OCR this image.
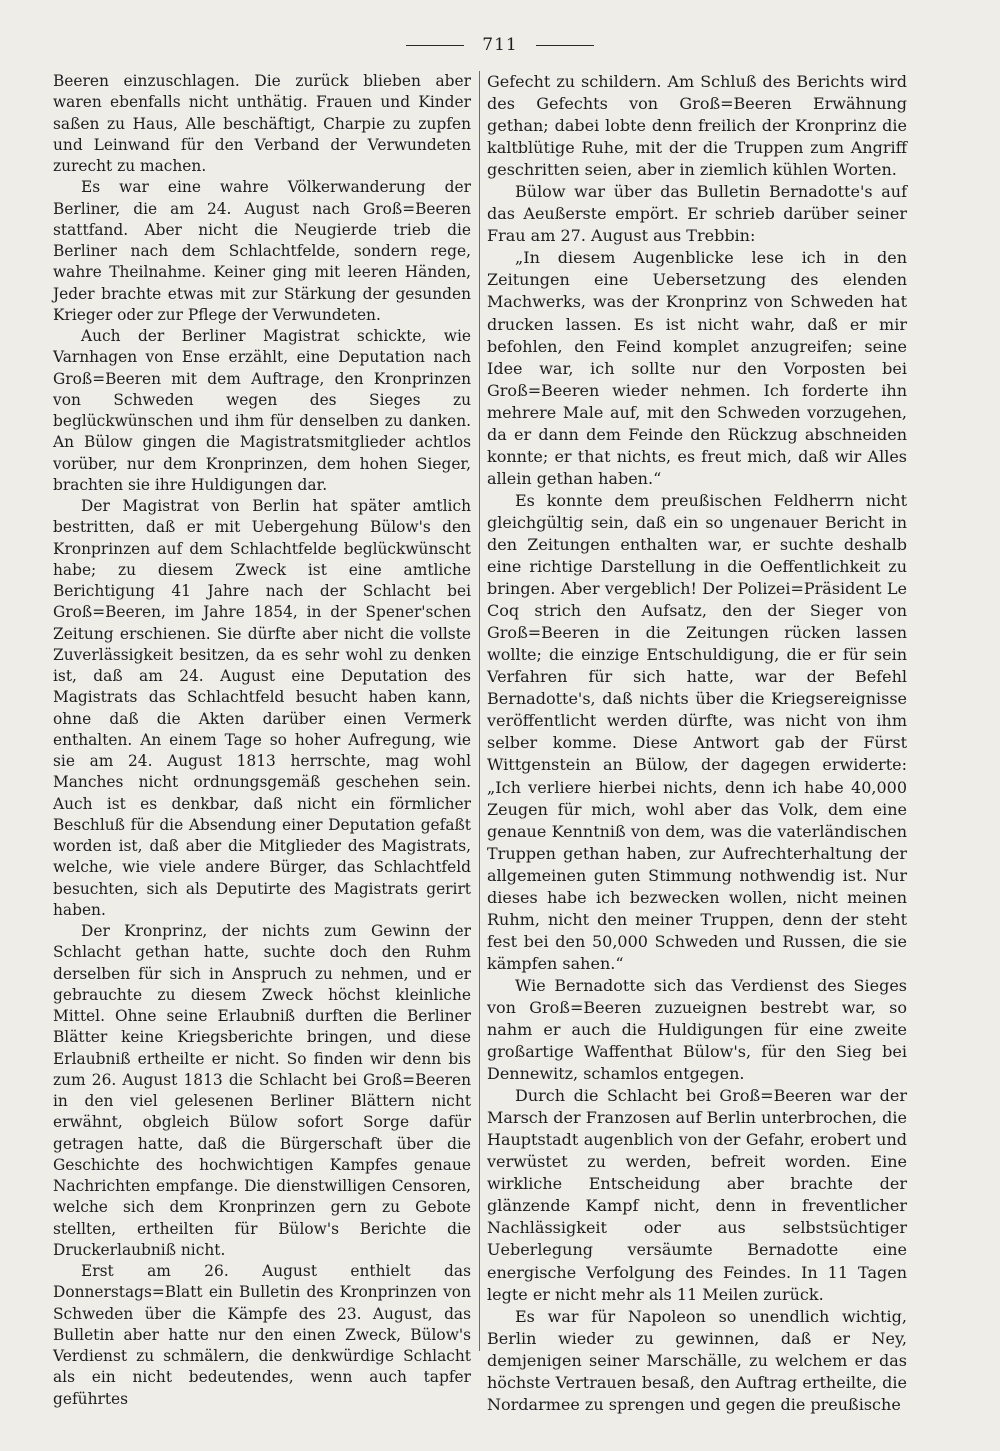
711

Beeren einzuschlagen. Die zurück blieben aber waren ebenfalls nicht unthätig. Frauen und Kinder saßen zu Haus, Alle beschäftigt, Charpie zu zupfen und Leinwand für den Verband der Verwundeten zurecht zu machen.

Es war eine wahre Völkerwanderung der Berliner, die am 24. August nach Groß=Beeren stattfand. Aber nicht die Neugierde trieb die Berliner nach dem Schlachtfelde, sondern rege, wahre Theilnahme. Keiner ging mit leeren Händen, Jeder brachte etwas mit zur Stärkung der gesunden Krieger oder zur Pflege der Verwundeten.

Auch der Berliner Magistrat schickte, wie Varnhagen von Ense erzählt, eine Deputation nach Groß=Beeren mit dem Auftrage, den Kronprinzen von Schweden wegen des Sieges zu beglückwünschen und ihm für denselben zu danken. An Bülow gingen die Magistratsmitglieder achtlos vorüber, nur dem Kronprinzen, dem hohen Sieger, brachten sie ihre Huldigungen dar.

Der Magistrat von Berlin hat später amtlich bestritten, daß er mit Uebergehung Bülow's den Kronprinzen auf dem Schlachtfelde beglückwünscht habe; zu diesem Zweck ist eine amtliche Berichtigung 41 Jahre nach der Schlacht bei Groß=Beeren, im Jahre 1854, in der Spener'schen Zeitung erschienen. Sie dürfte aber nicht die vollste Zuverlässigkeit besitzen, da es sehr wohl zu denken ist, daß am 24. August eine Deputation des Magistrats das Schlachtfeld besucht haben kann, ohne daß die Akten darüber einen Vermerk enthalten. An einem Tage so hoher Aufregung, wie sie am 24. August 1813 herrschte, mag wohl Manches nicht ordnungsgemäß geschehen sein. Auch ist es denkbar, daß nicht ein förmlicher Beschluß für die Absendung einer Deputation gefaßt worden ist, daß aber die Mitglieder des Magistrats, welche, wie viele andere Bürger, das Schlachtfeld besuchten, sich als Deputirte des Magistrats gerirt haben.

Der Kronprinz, der nichts zum Gewinn der Schlacht gethan hatte, suchte doch den Ruhm derselben für sich in Anspruch zu nehmen, und er gebrauchte zu diesem Zweck höchst kleinliche Mittel. Ohne seine Erlaubniß durften die Berliner Blätter keine Kriegsberichte bringen, und diese Erlaubniß ertheilte er nicht. So finden wir denn bis zum 26. August 1813 die Schlacht bei Groß=Beeren in den viel gelesenen Berliner Blättern nicht erwähnt, obgleich Bülow sofort Sorge dafür getragen hatte, daß die Bürgerschaft über die Geschichte des hochwichtigen Kampfes genaue Nachrichten empfange. Die dienstwilligen Censoren, welche sich dem Kronprinzen gern zu Gebote stellten, ertheilten für Bülow's Berichte die Druckerlaubniß nicht.

Erst am 26. August enthielt das Donnerstags=Blatt ein Bulletin des Kronprinzen von Schweden über die Kämpfe des 23. August, das Bulletin aber hatte nur den einen Zweck, Bülow's Verdienst zu schmälern, die denkwürdige Schlacht als ein nicht bedeutendes, wenn auch tapfer geführtes

Gefecht zu schildern. Am Schluß des Berichts wird des Gefechts von Groß=Beeren Erwähnung gethan; dabei lobte denn freilich der Kronprinz die kaltblütige Ruhe, mit der die Truppen zum Angriff geschritten seien, aber in ziemlich kühlen Worten.

Bülow war über das Bulletin Bernadotte's auf das Aeußerste empört. Er schrieb darüber seiner Frau am 27. August aus Trebbin:

„In diesem Augenblicke lese ich in den Zeitungen eine Uebersetzung des elenden Machwerks, was der Kronprinz von Schweden hat drucken lassen. Es ist nicht wahr, daß er mir befohlen, den Feind komplet anzugreifen; seine Idee war, ich sollte nur den Vorposten bei Groß=Beeren wieder nehmen. Ich forderte ihn mehrere Male auf, mit den Schweden vorzugehen, da er dann dem Feinde den Rückzug abschneiden konnte; er that nichts, es freut mich, daß wir Alles allein gethan haben.“

Es konnte dem preußischen Feldherrn nicht gleichgültig sein, daß ein so ungenauer Bericht in den Zeitungen enthalten war, er suchte deshalb eine richtige Darstellung in die Oeffentlichkeit zu bringen. Aber vergeblich! Der Polizei=Präsident Le Coq strich den Aufsatz, den der Sieger von Groß=Beeren in die Zeitungen rücken lassen wollte; die einzige Entschuldigung, die er für sein Verfahren für sich hatte, war der Befehl Bernadotte's, daß nichts über die Kriegsereignisse veröffentlicht werden dürfte, was nicht von ihm selber komme. Diese Antwort gab der Fürst Wittgenstein an Bülow, der dagegen erwiderte: „Ich verliere hierbei nichts, denn ich habe 40,000 Zeugen für mich, wohl aber das Volk, dem eine genaue Kenntniß von dem, was die vaterländischen Truppen gethan haben, zur Aufrechterhaltung der allgemeinen guten Stimmung nothwendig ist. Nur dieses habe ich bezwecken wollen, nicht meinen Ruhm, nicht den meiner Truppen, denn der steht fest bei den 50,000 Schweden und Russen, die sie kämpfen sahen.“

Wie Bernadotte sich das Verdienst des Sieges von Groß=Beeren zuzueignen bestrebt war, so nahm er auch die Huldigungen für eine zweite großartige Waffenthat Bülow's, für den Sieg bei Dennewitz, schamlos entgegen.

Durch die Schlacht bei Groß=Beeren war der Marsch der Franzosen auf Berlin unterbrochen, die Hauptstadt augenblich von der Gefahr, erobert und verwüstet zu werden, befreit worden. Eine wirkliche Entscheidung aber brachte der glänzende Kampf nicht, denn in freventlicher Nachlässigkeit oder aus selbstsüchtiger Ueberlegung versäumte Bernadotte eine energische Verfolgung des Feindes. In 11 Tagen legte er nicht mehr als 11 Meilen zurück.

Es war für Napoleon so unendlich wichtig, Berlin wieder zu gewinnen, daß er Ney, demjenigen seiner Marschälle, zu welchem er das höchste Vertrauen besaß, den Auftrag ertheilte, die Nordarmee zu sprengen und gegen die preußische
